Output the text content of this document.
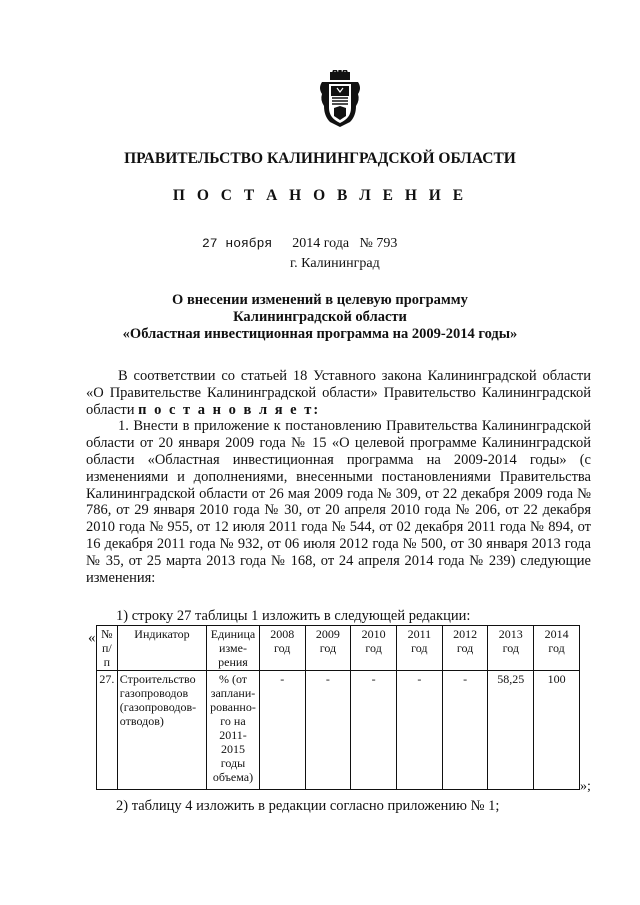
ПРАВИТЕЛЬСТВО КАЛИНИНГРАДСКОЙ ОБЛАСТИ
П О С Т А Н О В Л Е Н И Е
27 ноября 2014 года № 793
г. Калининград
О внесении изменений в целевую программу
Калининградской области
«Областная инвестиционная программа на 2009-2014 годы»

В соответствии со статьей 18 Уставного закона Калининградской области «О Правительстве Калининградской области» Правительство Калининградской области п о с т а н о в л я е т:

1. Внести в приложение к постановлению Правительства Калининградской области от 20 января 2009 года № 15 «О целевой программе Калининградской области «Областная инвестиционная программа на 2009-2014 годы» (с изменениями и дополнениями, внесенными постановлениями Правительства Калининградской области от 26 мая 2009 года № 309, от 22 декабря 2009 года № 786, от 29 января 2010 года № 30, от 20 апреля 2010 года № 206, от 22 декабря 2010 года № 955, от 12 июля 2011 года № 544, от 02 декабря 2011 года № 894, от 16 декабря 2011 года № 932, от 06 июля 2012 года № 500, от 30 января 2013 года № 35, от 25 марта 2013 года № 168, от 24 апреля 2014 года № 239) следующие изменения:

1) строку 27 таблицы 1 изложить в следующей редакции:
« № п/п	Индикатор	Единица изме-рения	2008 год	2009 год	2010 год	2011 год	2012 год	2013 год	2014 год
27.	Строительство газопроводов (газопроводов-отводов)	% (от заплани-рованно-го на 2011-2015 годы объема)	-	-	-	-	-	58,25	100
»;
2) таблицу 4 изложить в редакции согласно приложению № 1;
